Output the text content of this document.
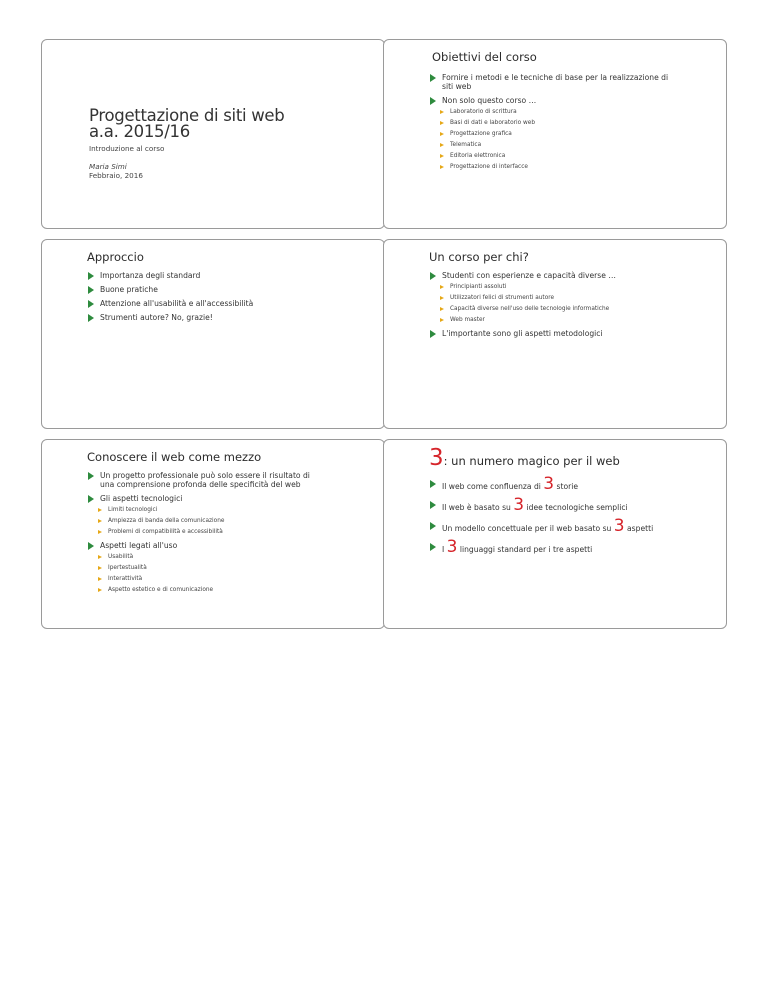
Progettazione di siti web
a.a. 2015/16
Introduzione al corso
Maria Simi
Febbraio, 2016
Obiettivi del corso
Fornire i metodi e le tecniche di base per la realizzazione di siti web
Non solo questo corso …
Laboratorio di scrittura
Basi di dati e laboratorio web
Progettazione grafica
Telematica
Editoria elettronica
Progettazione di interfacce
Approccio
Importanza degli standard
Buone pratiche
Attenzione all'usabilità e all'accessibilità
Strumenti autore? No, grazie!
Un corso per chi?
Studenti con esperienze e capacità diverse …
Principianti assoluti
Utilizzatori felici di strumenti autore
Capacità diverse nell'uso delle tecnologie informatiche
Web master
L'importante sono gli aspetti metodologici
Conoscere il web come mezzo
Un progetto professionale può solo essere il risultato di una comprensione profonda delle specificità del web
Gli aspetti tecnologici
Limiti tecnologici
Ampiezza di banda della comunicazione
Problemi di compatibilità e accessibilità
Aspetti legati all'uso
Usabilità
Ipertestualità
Interattività
Aspetto estetico e di comunicazione
3: un numero magico per il web
Il web come confluenza di 3 storie
Il web è basato su 3 idee tecnologiche semplici
Un modello concettuale per il web basato su 3 aspetti
I 3 linguaggi standard per i tre aspetti
